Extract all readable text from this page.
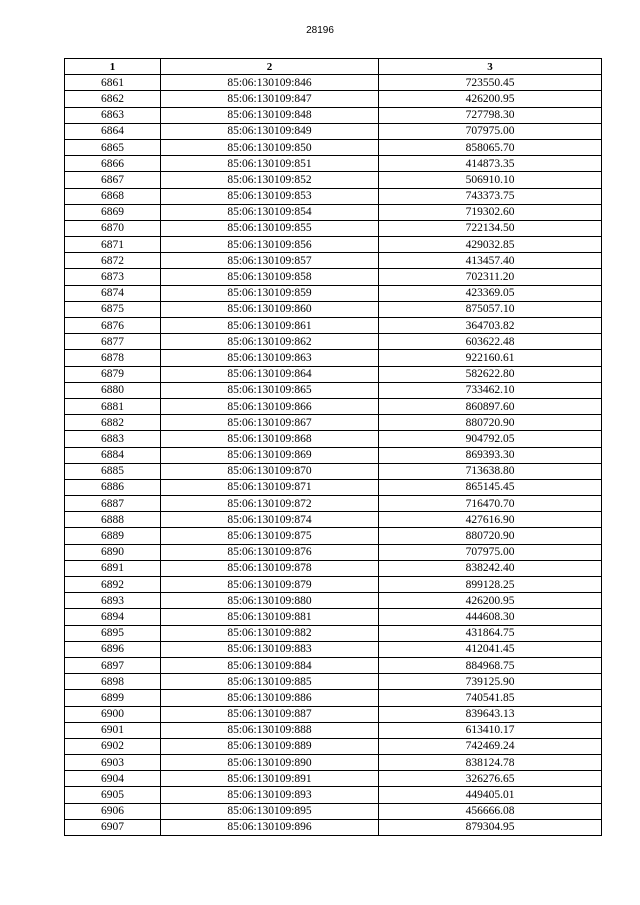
28196
1	2	3
6861	85:06:130109:846	723550.45
6862	85:06:130109:847	426200.95
6863	85:06:130109:848	727798.30
6864	85:06:130109:849	707975.00
6865	85:06:130109:850	858065.70
6866	85:06:130109:851	414873.35
6867	85:06:130109:852	506910.10
6868	85:06:130109:853	743373.75
6869	85:06:130109:854	719302.60
6870	85:06:130109:855	722134.50
6871	85:06:130109:856	429032.85
6872	85:06:130109:857	413457.40
6873	85:06:130109:858	702311.20
6874	85:06:130109:859	423369.05
6875	85:06:130109:860	875057.10
6876	85:06:130109:861	364703.82
6877	85:06:130109:862	603622.48
6878	85:06:130109:863	922160.61
6879	85:06:130109:864	582622.80
6880	85:06:130109:865	733462.10
6881	85:06:130109:866	860897.60
6882	85:06:130109:867	880720.90
6883	85:06:130109:868	904792.05
6884	85:06:130109:869	869393.30
6885	85:06:130109:870	713638.80
6886	85:06:130109:871	865145.45
6887	85:06:130109:872	716470.70
6888	85:06:130109:874	427616.90
6889	85:06:130109:875	880720.90
6890	85:06:130109:876	707975.00
6891	85:06:130109:878	838242.40
6892	85:06:130109:879	899128.25
6893	85:06:130109:880	426200.95
6894	85:06:130109:881	444608.30
6895	85:06:130109:882	431864.75
6896	85:06:130109:883	412041.45
6897	85:06:130109:884	884968.75
6898	85:06:130109:885	739125.90
6899	85:06:130109:886	740541.85
6900	85:06:130109:887	839643.13
6901	85:06:130109:888	613410.17
6902	85:06:130109:889	742469.24
6903	85:06:130109:890	838124.78
6904	85:06:130109:891	326276.65
6905	85:06:130109:893	449405.01
6906	85:06:130109:895	456666.08
6907	85:06:130109:896	879304.95
